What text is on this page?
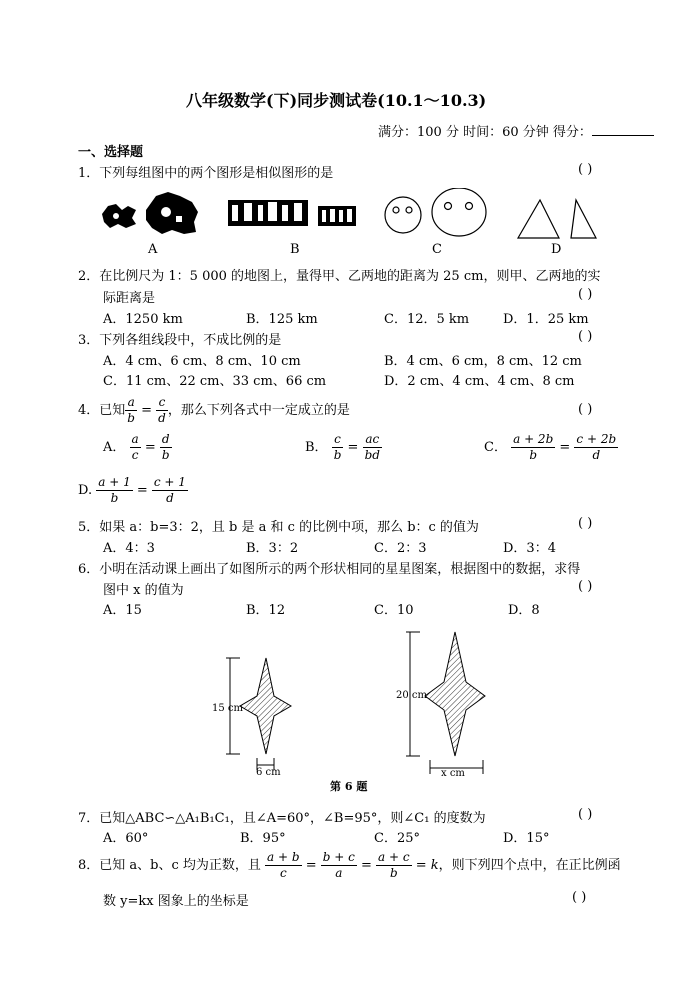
八年级数学(下)同步测试卷(10.1～10.3)
满分：100 分 时间：60 分钟 得分：
一、选择题
1．下列每组图中的两个图形是相似图形的是	( )
A	B	C	D
2．在比例尺为 1：5 000 的地图上，量得甲、乙两地的距离为 25 cm，则甲、乙两地的实
际距离是	( )
A．1250 km	B．125 km	C．12．5 km	D．1．25 km
3．下列各组线段中，不成比例的是	( )
A．4 cm、6 cm、8 cm、10 cm	B．4 cm、6 cm，8 cm、12 cm
C．11 cm、22 cm、33 cm、66 cm	D．2 cm、4 cm、4 cm、8 cm
4．已知 $\frac{a}{b} = \frac{c}{d}$ ，那么下列各式中一定成立的是	( )
A． $\frac{a}{c} = \frac{d}{b}$	B． $\frac{c}{b} = \frac{ac}{bd}$	C． $\frac{a + 2b}{b} = \frac{c + 2b}{d}$
D. $\frac{a + 1}{b} = \frac{c + 1}{d}$
5．如果 a：b=3：2，且 b 是 a 和 c 的比例中项，那么 b：c 的值为	( )
A．4：3	B．3：2	C．2：3	D．3：4
6．小明在活动课上画出了如图所示的两个形状相同的星星图案，根据图中的数据，求得
图中 x 的值为	( )
A．15	B．12	C．10	D．8
15 cm
6 cm
20 cm
x cm
第 6 题
7．已知△ABC∽△A₁B₁C₁，且∠A=60°，∠B=95°，则∠C₁ 的度数为	( )
A．60°	B．95°	C．25°	D．15°
8．已知 a、b、c 均为正数，且 $\frac{a + b}{c} = \frac{b + c}{a} = \frac{a + c}{b} = k$，则下列四个点中，在正比例函
数 y=kx 图象上的坐标是	( )
